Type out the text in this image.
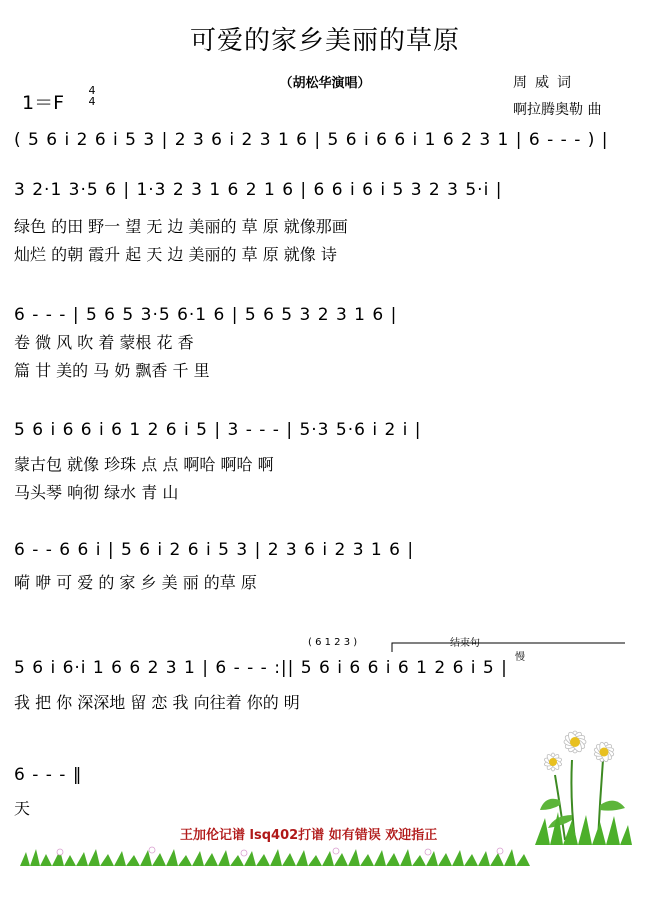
可爱的家乡美丽的草原
（胡松华演唱）	周威词
啊拉腾奥勒 曲
1＝F
4
4
( 5 6 i 2 6 i 5 3 | 2 3 6 i 2 3 1 6 | 5 6 i 6 6 i 1 6 2 3 1 | 6 - - - ) |
3 2·1 3·5 6 | 1·3 2 3 1 6 2 1 6 | 6 6 i 6 i 5 3 2 3 5·i |
绿色 的田 野一 望 无 边 美丽的 草 原 就像那画
灿烂 的朝 霞升 起 天 边 美丽的 草 原 就像 诗
6 - - - | 5 6 5 3·5 6·1 6 | 5 6 5 3 2 3 1 6 |
卷 微 风 吹 着 蒙根 花 香
篇 甘 美的 马 奶 飘香 千 里
5 6 i 6 6 i 6 1 2 6 i 5 | 3 - - - | 5·3 5·6 i 2 i |
蒙古包 就像 珍珠 点 点 啊哈 啊哈 啊
马头琴 响彻 绿水 青 山
6 - - 6 6 i | 5 6 i 2 6 i 5 3 | 2 3 6 i 2 3 1 6 |
嗬 咿 可 爱 的 家 乡 美 丽 的草 原
( 6 1 2 3 )	结束句
慢
5 6 i 6·i 1 6 6 2 3 1 | 6 - - - :|| 5 6 i 6 6 i 6 1 2 6 i 5 |
我 把 你 深深地 留 恋 我 向往着 你的 明
6 - - - ‖
天
王加伦记谱 lsq402打谱 如有错误 欢迎指正
